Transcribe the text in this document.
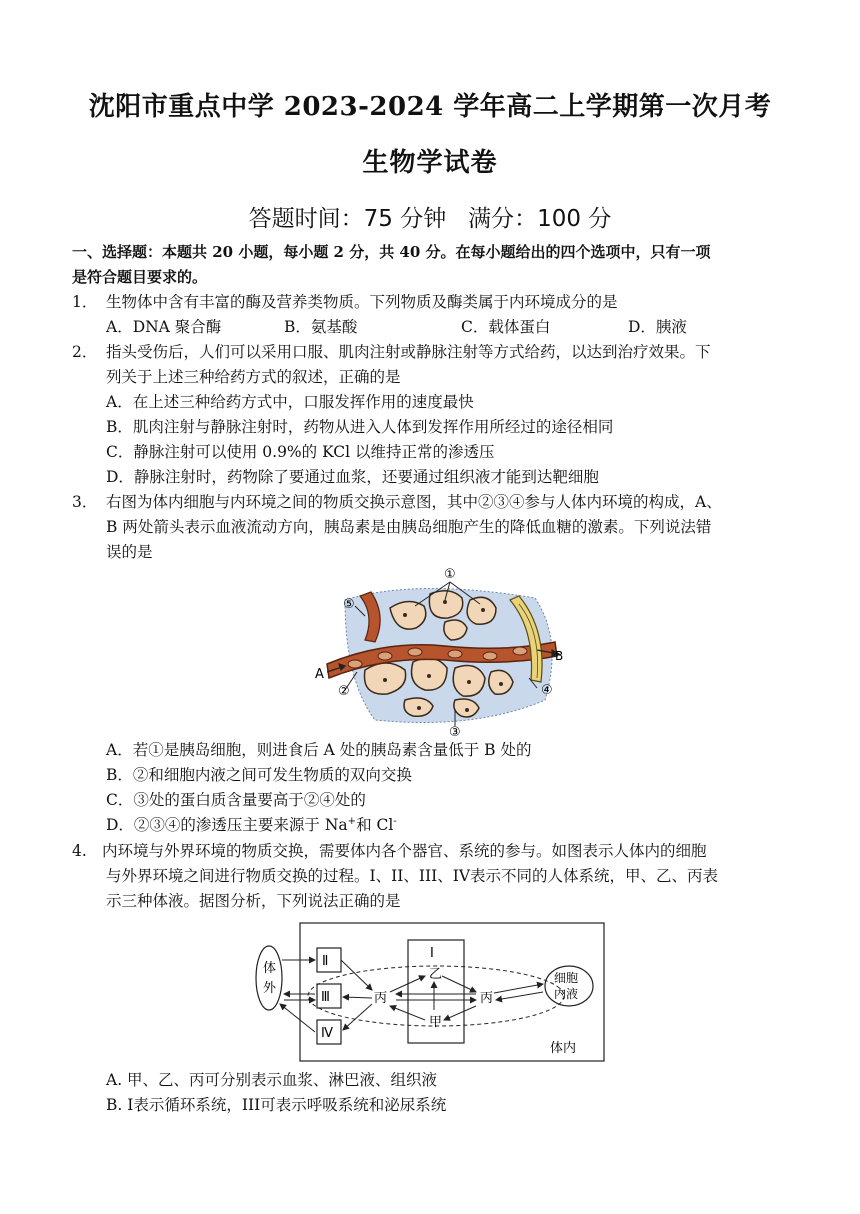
沈阳市重点中学 2023-2024 学年高二上学期第一次月考
生物学试卷
答题时间：75 分钟   满分：100 分
一、选择题：本题共 20 小题，每小题 2 分，共 40 分。在每小题给出的四个选项中，只有一项
是符合题目要求的。
1． 生物体中含有丰富的酶及营养类物质。下列物质及酶类属于内环境成分的是
A．DNA 聚合酶	B．氨基酸	C．载体蛋白	D．胰液
2． 指头受伤后，人们可以采用口服、肌肉注射或静脉注射等方式给药，以达到治疗效果。下
列关于上述三种给药方式的叙述，正确的是
A．在上述三种给药方式中，口服发挥作用的速度最快
B．肌肉注射与静脉注射时，药物从进入人体到发挥作用所经过的途径相同
C．静脉注射可以使用 0.9%的 KCl 以维持正常的渗透压
D．静脉注射时，药物除了要通过血浆，还要通过组织液才能到达靶细胞
3． 右图为体内细胞与内环境之间的物质交换示意图，其中②③④参与人体内环境的构成，A、
B 两处箭头表示血液流动方向，胰岛素是由胰岛细胞产生的降低血糖的激素。下列说法错
误的是
①
⑤
A
②
③
④
B
A．若①是胰岛细胞，则进食后 A 处的胰岛素含量低于 B 处的
B．②和细胞内液之间可发生物质的双向交换
C．③处的蛋白质含量要高于②④处的
D．②③④的渗透压主要来源于 Na+和 Cl-
4. 内环境与外界环境的物质交换，需要体内各个器官、系统的参与。如图表示人体内的细胞
与外界环境之间进行物质交换的过程。I、II、III、IV表示不同的人体系统，甲、乙、丙表
示三种体液。据图分析，下列说法正确的是
体
外
Ⅱ
Ⅲ
Ⅳ
Ⅰ
乙
丙	丙
甲
细胞
内液
体内
A. 甲、乙、丙可分别表示血浆、淋巴液、组织液
B. I表示循环系统，III可表示呼吸系统和泌尿系统
